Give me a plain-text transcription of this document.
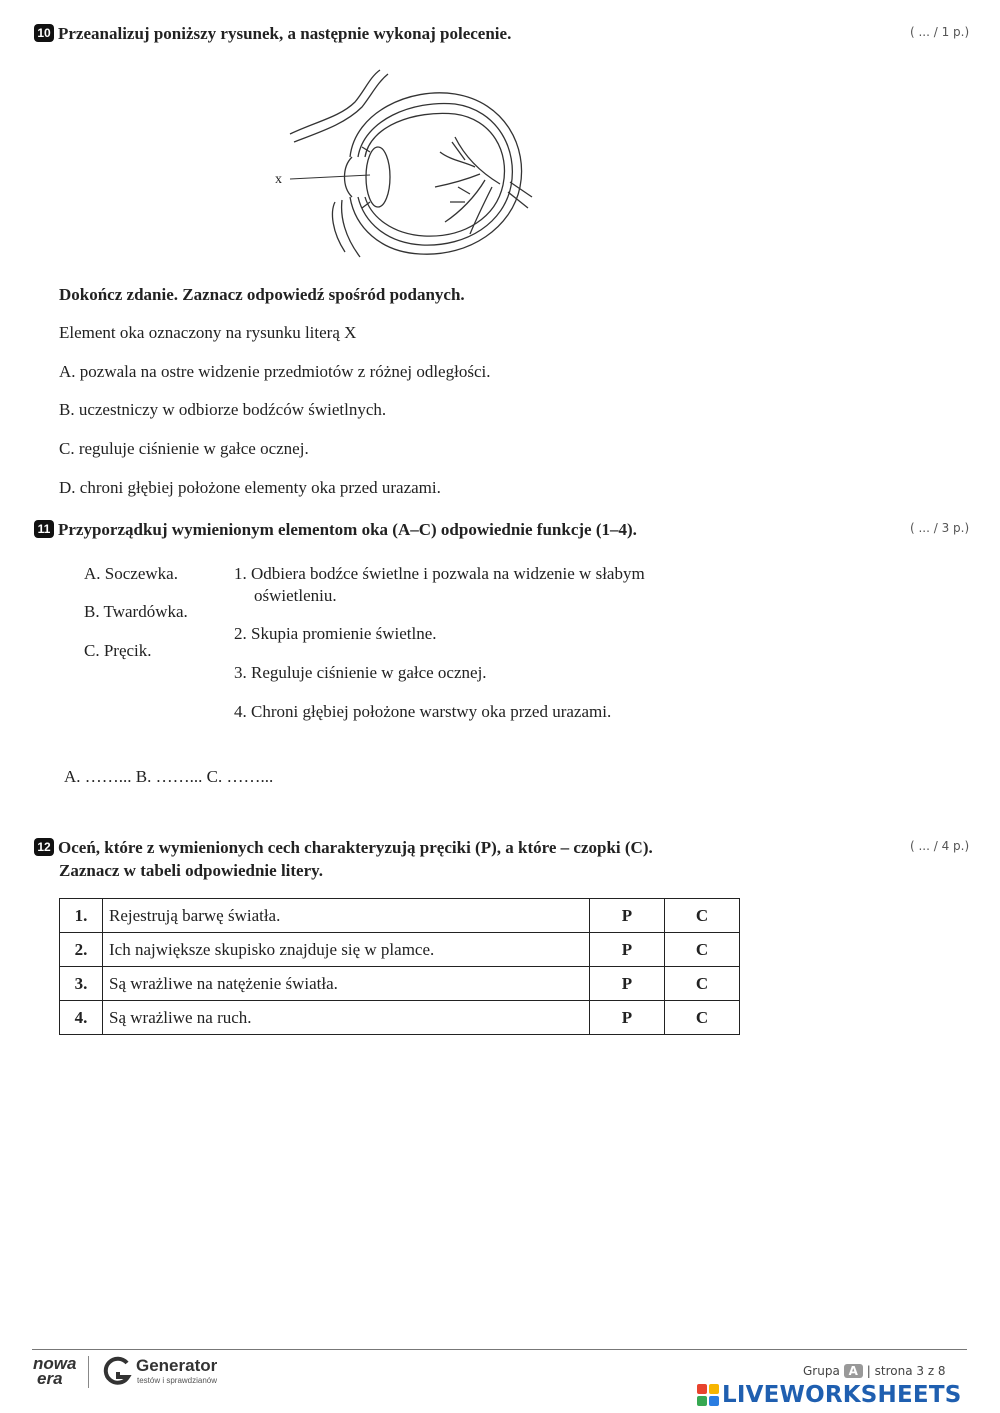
10 Przeanalizuj poniższy rysunek, a następnie wykonaj polecenie.	( ... / 1 p.)
x
Dokończ zdanie. Zaznacz odpowiedź spośród podanych.
Element oka oznaczony na rysunku literą X
A. pozwala na ostre widzenie przedmiotów z różnej odległości.
B. uczestniczy w odbiorze bodźców świetlnych.
C. reguluje ciśnienie w gałce ocznej.
D. chroni głębiej położone elementy oka przed urazami.
11 Przyporządkuj wymienionym elementom oka (A–C) odpowiednie funkcje (1–4).	( ... / 3 p.)
A. Soczewka.
B. Twardówka.
C. Pręcik.
1. Odbiera bodźce świetlne i pozwala na widzenie w słabym
oświetleniu.
2. Skupia promienie świetlne.
3. Reguluje ciśnienie w gałce ocznej.
4. Chroni głębiej położone warstwy oka przed urazami.
A. ……... B. ……... C. ……...
12 Oceń, które z wymienionych cech charakteryzują pręciki (P), a które – czopki (C).
Zaznacz w tabeli odpowiednie litery.
( ... / 4 p.)
1.	Rejestrują barwę światła.	P	C
2.	Ich największe skupisko znajduje się w plamce.	P	C
3.	Są wrażliwe na natężenie światła.	P	C
4.	Są wrażliwe na ruch.	P	C
nowa
era
Generator
testów i sprawdzianów
Grupa A | strona 3 z 8
LIVEWORKSHEETS
